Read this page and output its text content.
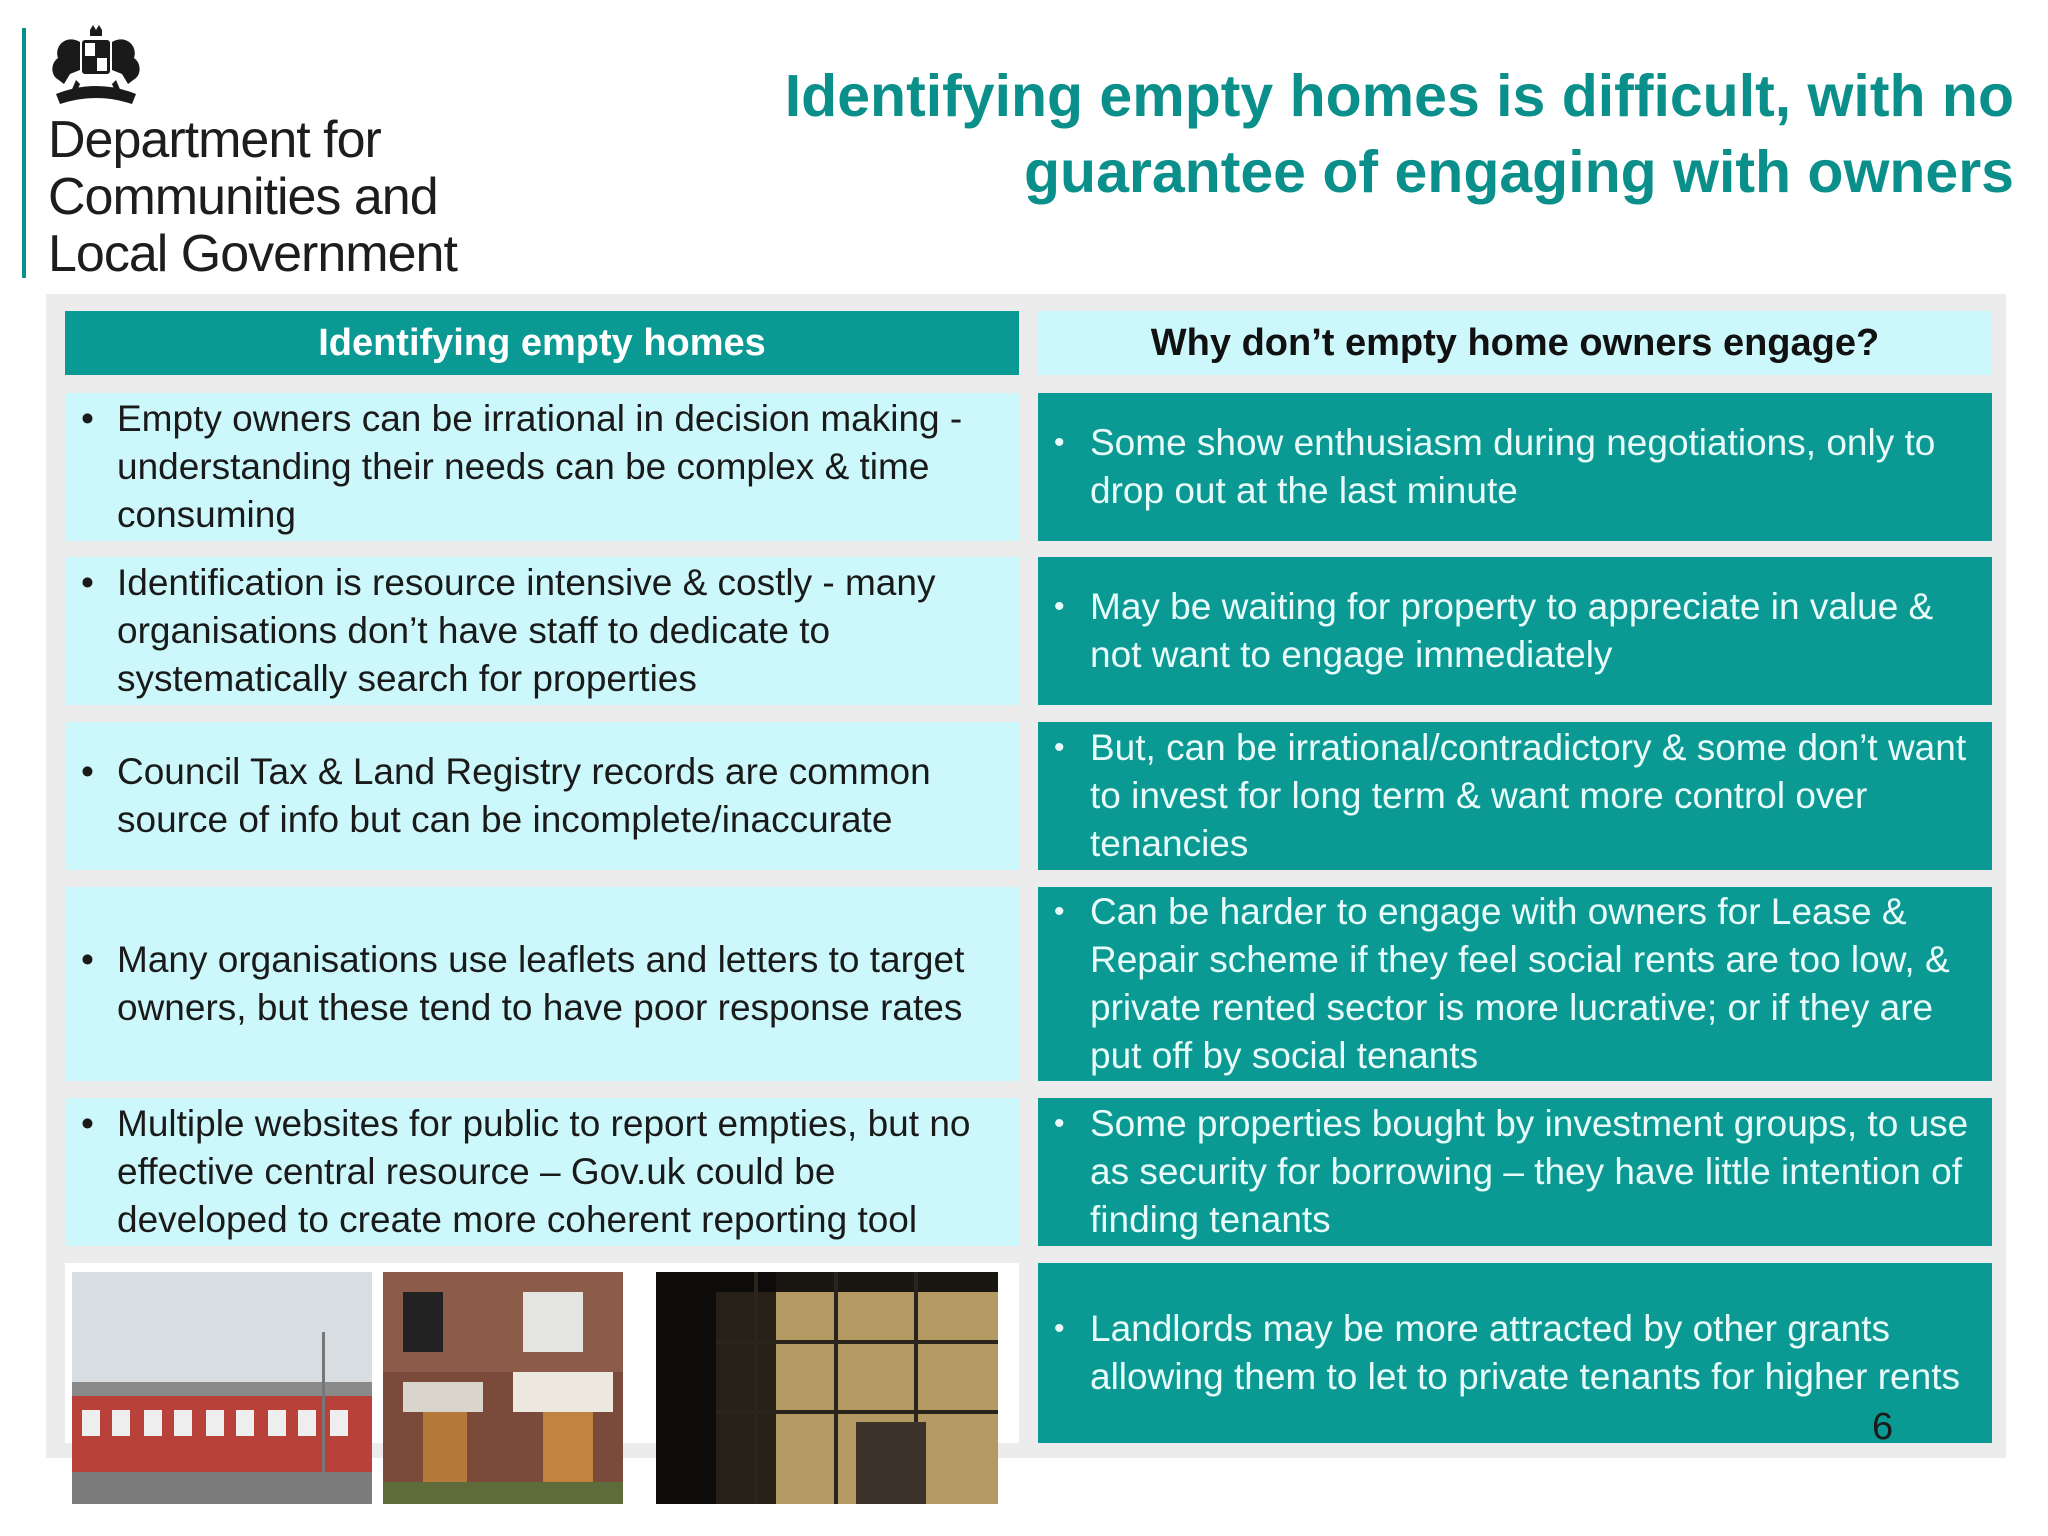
Department for
Communities and
Local Government
Identifying empty homes is difficult, with no
guarantee of engaging with owners
Identifying empty homes	Why don’t empty home owners engage?
• Empty owners can be irrational in decision making - understanding their needs can be complex & time consuming
• Identification is resource intensive & costly - many organisations don’t have staff to dedicate to systematically search for properties
• Council Tax & Land Registry records are common source of info but can be incomplete/inaccurate
• Many organisations use leaflets and letters to target owners, but these tend to have poor response rates
• Multiple websites for public to report empties, but no effective central resource – Gov.uk could be developed to create more coherent reporting tool
• Some show enthusiasm during negotiations, only to drop out at the last minute
• May be waiting for property to appreciate in value & not want to engage immediately
• But, can be irrational/contradictory & some don’t want to invest for long term & want more control over tenancies
• Can be harder to engage with owners for Lease & Repair scheme if they feel social rents are too low, & private rented sector is more lucrative; or if they are put off by social tenants
• Some properties bought by investment groups, to use as security for borrowing – they have little intention of finding tenants
• Landlords may be more attracted by other grants allowing them to let to private tenants for higher rents
6
